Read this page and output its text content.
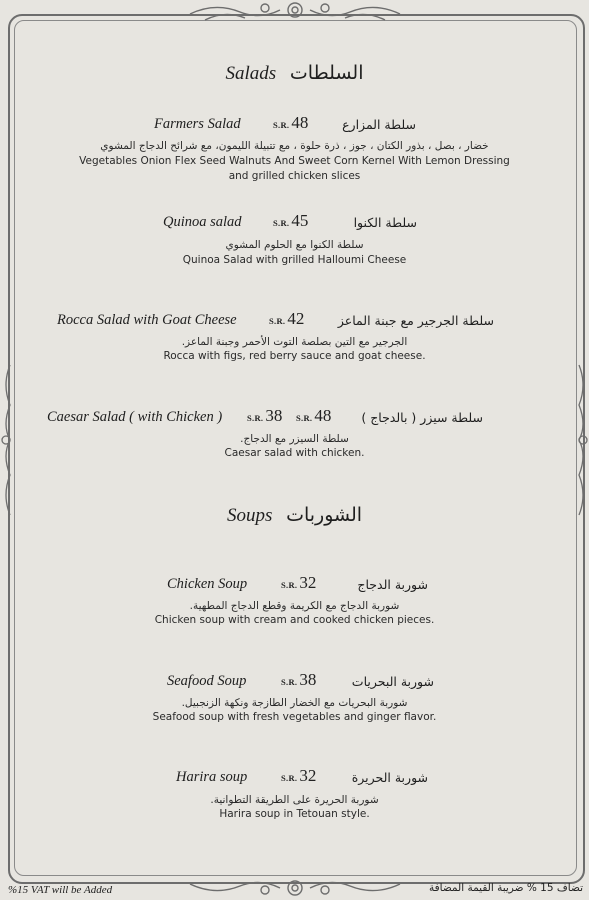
Salads السلطات
Farmers Salad	S.R. 48	سلطة المزارع
خضار ، بصل ، بذور الكتان ، جوز ، ذرة حلوة ، مع تتبيلة الليمون، مع شرائح الدجاج المشوي
Vegetables Onion Flex Seed Walnuts And Sweet Corn Kernel With Lemon Dressing
and grilled chicken slices
Quinoa salad	S.R. 45	سلطة الكنوا
سلطة الكنوا مع الحلوم المشوي
Quinoa Salad with grilled Halloumi Cheese
Rocca Salad with Goat Cheese	S.R. 42	سلطة الجرجير مع جبنة الماعز
الجرجير مع التين بصلصة التوت الأحمر وجبنة الماعز.
Rocca with figs, red berry sauce and goat cheese.
Caesar Salad ( with Chicken )	S.R. 38 S.R. 48 سلطة سيزر ( بالدجاج )
سلطة السيزر مع الدجاج.
Caesar salad with chicken.
Soups الشوربات
Chicken Soup	S.R. 32	شوربة الدجاج
شوربة الدجاج مع الكريمة وقطع الدجاج المطهية.
Chicken soup with cream and cooked chicken pieces.
Seafood Soup	S.R. 38	شوربة البحريات
شوربة البحريات مع الخضار الطازجة ونكهة الزنجبيل.
Seafood soup with fresh vegetables and ginger flavor.
Harira soup	S.R. 32	شوربة الحريرة
شوربة الحريرة على الطريقة التطوانية.
Harira soup in Tetouan style.
%15 VAT will be Added	تضاف 15 % ضريبة القيمة المضافة
